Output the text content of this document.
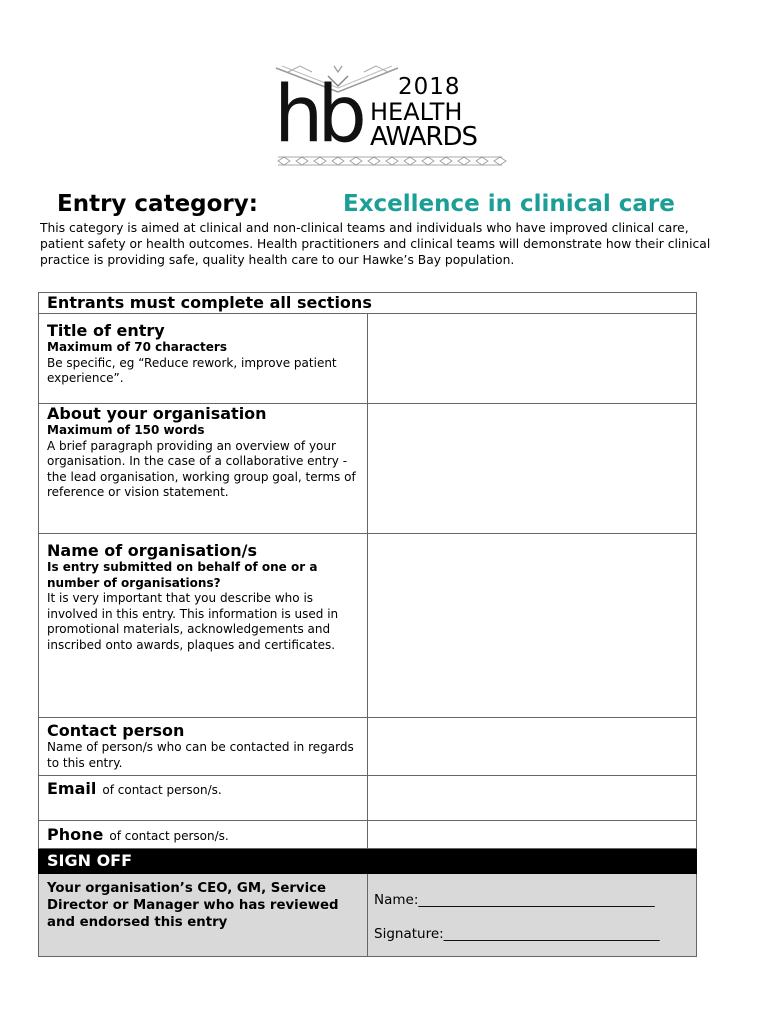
hb 2018
HEALTH
AWARDS
Entry category:	Excellence in clinical care
This category is aimed at clinical and non-clinical teams and individuals who have improved clinical care, patient safety or health outcomes. Health practitioners and clinical teams will demonstrate how their clinical practice is providing safe, quality health care to our Hawke’s Bay population.
Entrants must complete all sections	

Title of entry
Maximum of 70 characters
Be specific, eg “Reduce rework, improve patient experience”.	

About your organisation
Maximum of 150 words
A brief paragraph providing an overview of your organisation. In the case of a collaborative entry - the lead organisation, working group goal, terms of reference or vision statement.	

Name of organisation/s
Is entry submitted on behalf of one or a number of organisations?
It is very important that you describe who is involved in this entry. This information is used in promotional materials, acknowledgements and inscribed onto awards, plaques and certificates.	

Contact person
Name of person/s who can be contacted in regards to this entry.	

Email of contact person/s.	
Phone of contact person/s.	
SIGN OFF	
Your organisation’s CEO, GM, Service Director or Manager who has reviewed and endorsed this entry	Name:___________________________________
Signature:________________________________
